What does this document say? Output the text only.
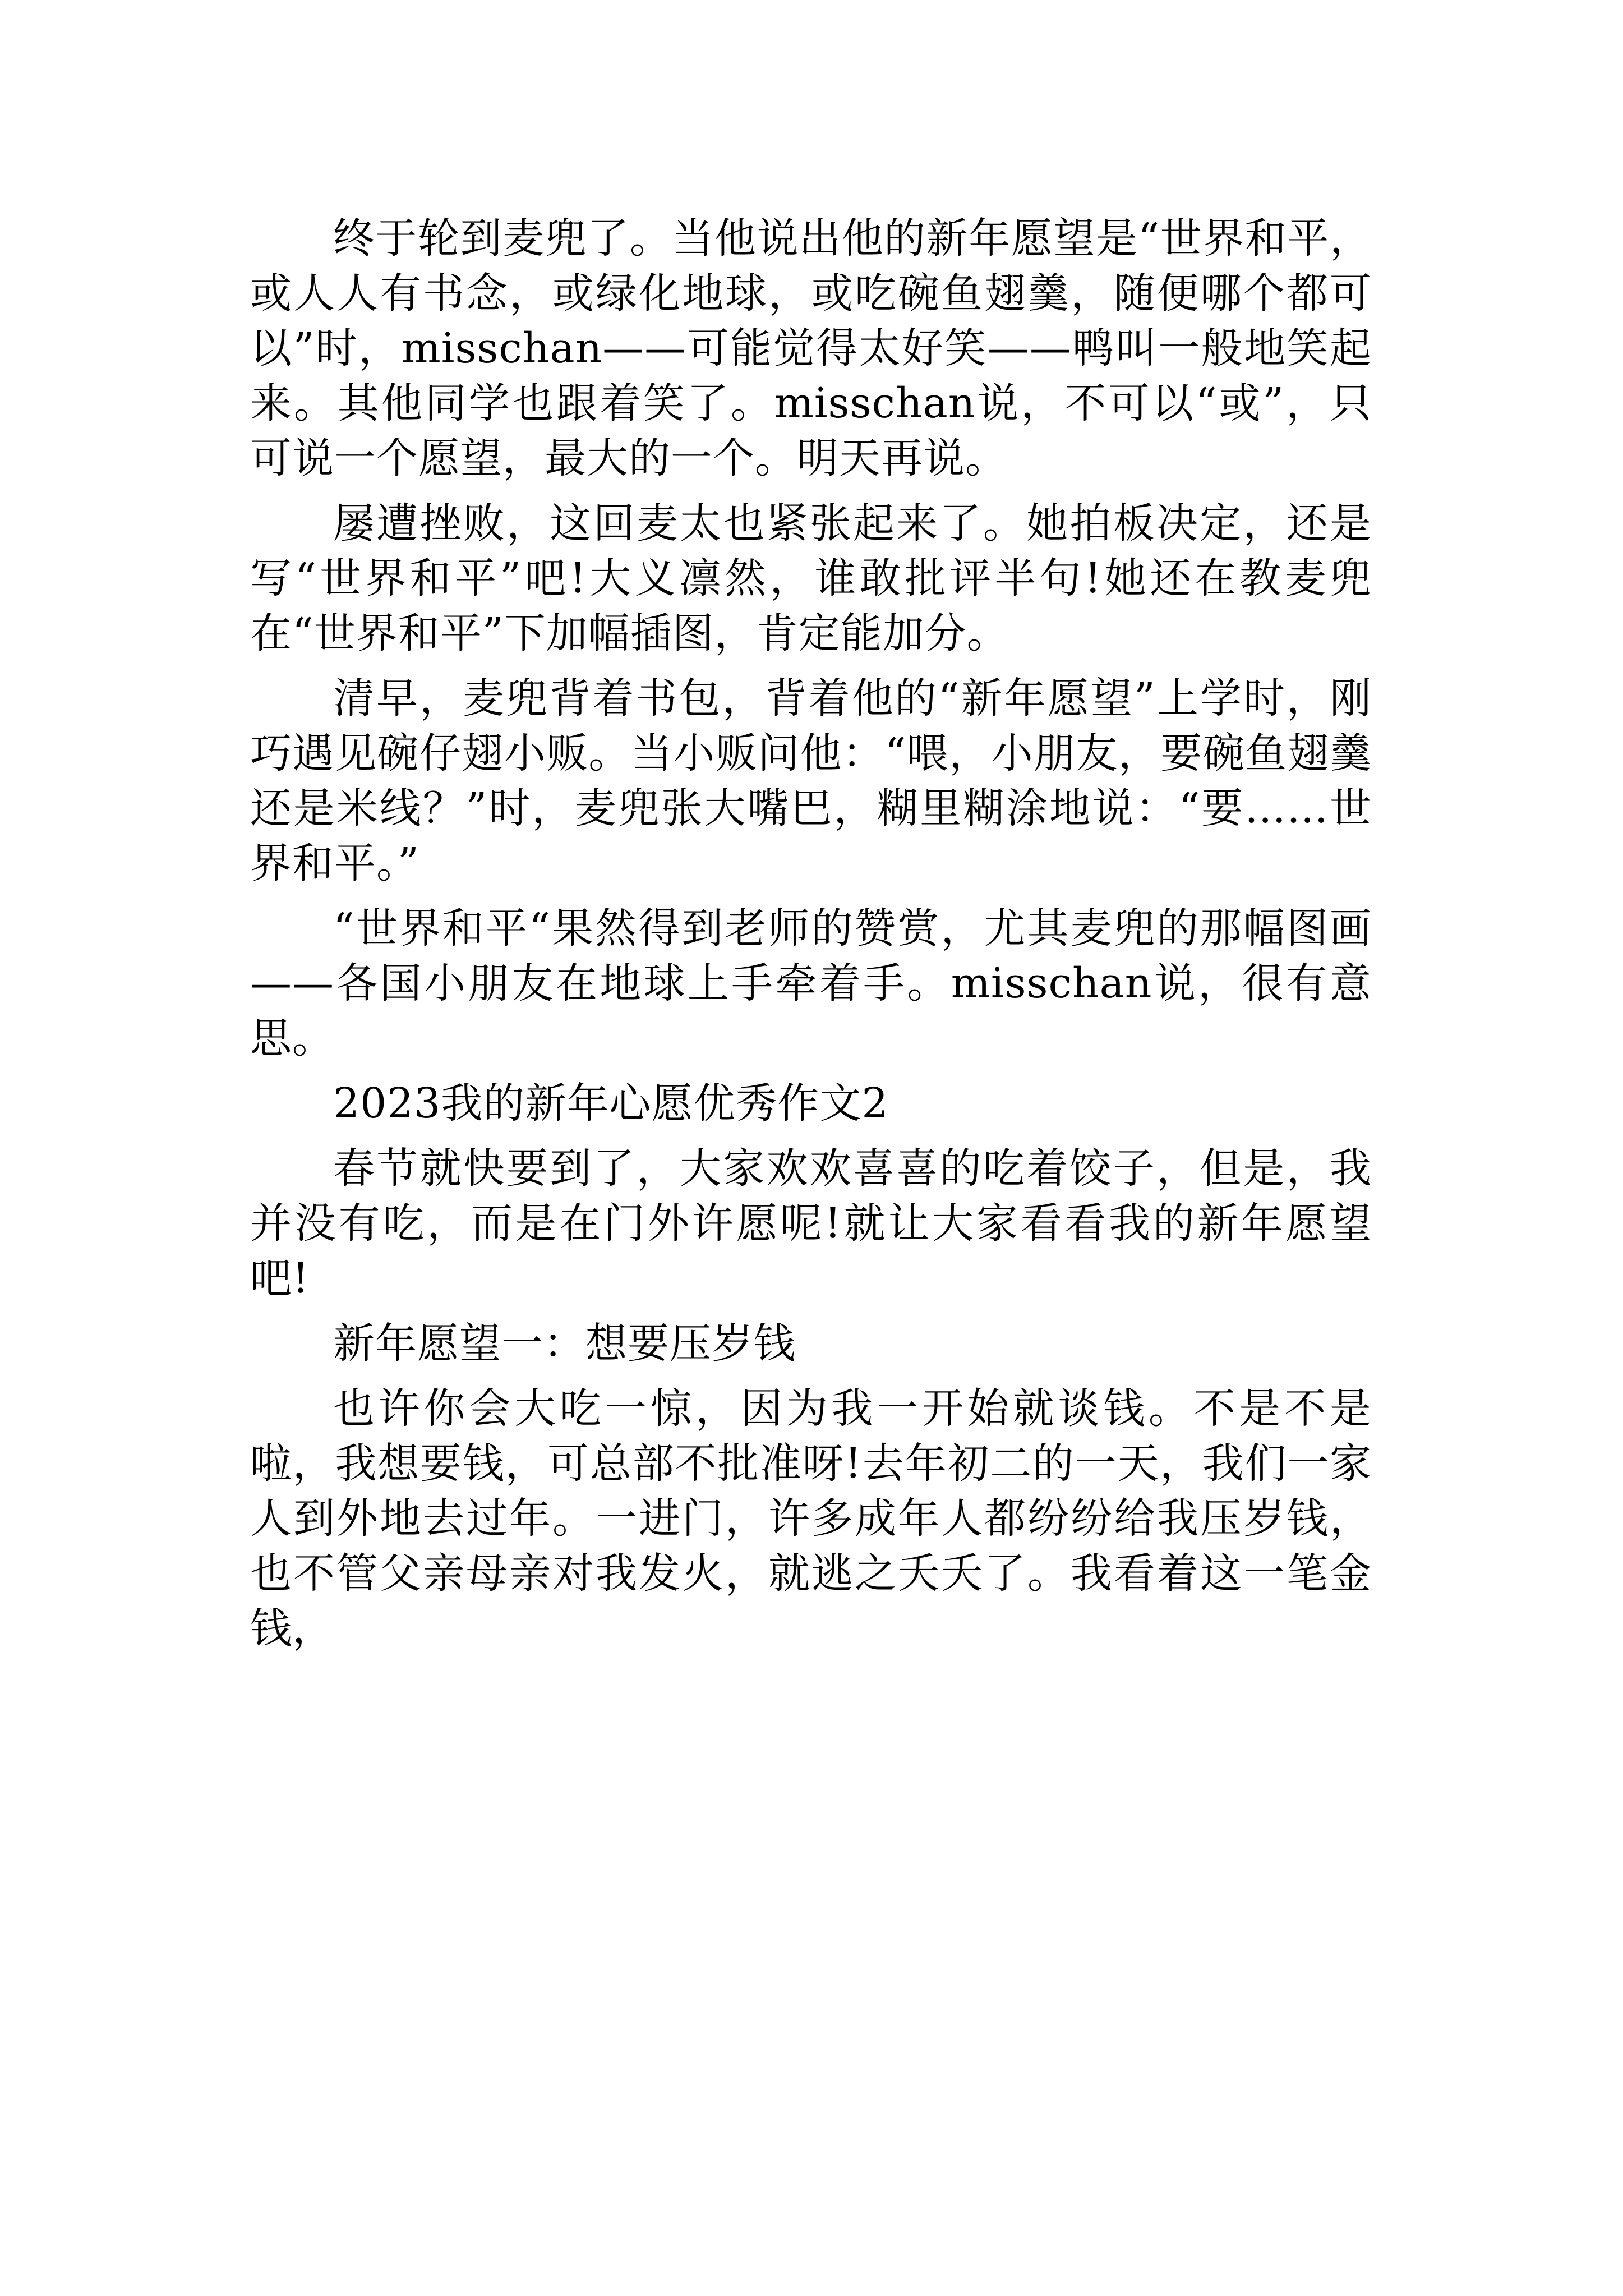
终于轮到麦兜了。当他说出他的新年愿望是“世界和平，或人人有书念，或绿化地球，或吃碗鱼翅羹，随便哪个都可以”时，misschan——可能觉得太好笑——鸭叫一般地笑起来。其他同学也跟着笑了。misschan说，不可以“或”，只可说一个愿望，最大的一个。明天再说。

屡遭挫败，这回麦太也紧张起来了。她拍板决定，还是写“世界和平”吧!大义凛然，谁敢批评半句!她还在教麦兜在“世界和平”下加幅插图，肯定能加分。

清早，麦兜背着书包，背着他的“新年愿望”上学时，刚巧遇见碗仔翅小贩。当小贩问他：“喂，小朋友，要碗鱼翅羹还是米线？”时，麦兜张大嘴巴，糊里糊涂地说：“要……世界和平。”

“世界和平“果然得到老师的赞赏，尤其麦兜的那幅图画——各国小朋友在地球上手牵着手。misschan说，很有意思。

2023我的新年心愿优秀作文2

春节就快要到了，大家欢欢喜喜的吃着饺子，但是，我并没有吃，而是在门外许愿呢!就让大家看看我的新年愿望吧!

新年愿望一：想要压岁钱

也许你会大吃一惊，因为我一开始就谈钱。不是不是啦，我想要钱，可总部不批准呀!去年初二的一天，我们一家人到外地去过年。一进门，许多成年人都纷纷给我压岁钱，也不管父亲母亲对我发火，就逃之夭夭了。我看着这一笔金钱，
